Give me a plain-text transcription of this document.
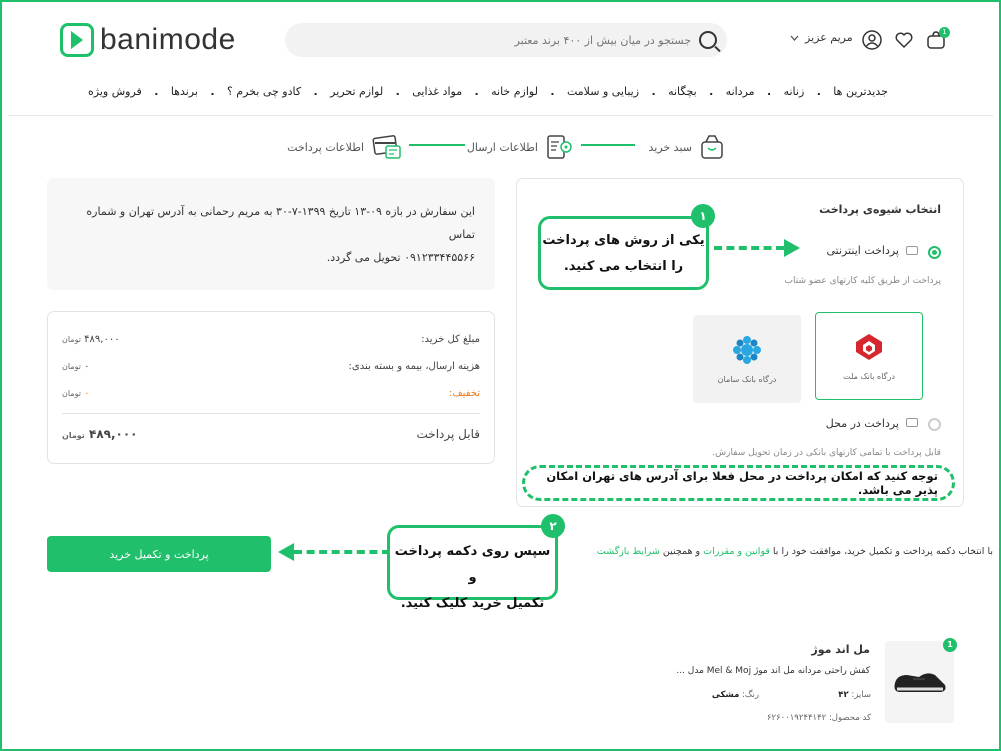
banimode
جستجو در میان بیش از ۴۰۰ برند معتبر	مریم عزیز	1
جدیدترین ها
.
زنانه
.
مردانه
.
بچگانه
.
زیبایی و سلامت
.
لوازم خانه
.
مواد غذایی
.
لوازم تحریر
.
کادو چی بخرم ؟
.
برندها
.
فروش ویژه
سبد خرید
اطلاعات ارسال
اطلاعات پرداخت
این سفارش در بازه ۰۹-۱۳ تاریخ ۱۳۹۹-۷-۳۰ به مریم رحمانی به آدرس تهران و شماره تماس
۰۹۱۲۳۳۴۴۵۵۶۶ تحویل می گردد.
مبلغ کل خرید:
۴۸۹,۰۰۰ تومان
هزینه ارسال، بیمه و بسته بندی:
۰ تومان
تخفیف:
۰ تومان
قابل پرداخت
۴۸۹,۰۰۰ تومان
انتخاب شیوه‌ی پرداخت
پرداخت اینترنتی
پرداخت از طریق کلیه کارتهای عضو شتاب
درگاه بانک ملت
درگاه بانک سامان
پرداخت در محل
قابل پرداخت با تمامی کارتهای بانکی در زمان تحویل سفارش.
یکی از روش های پرداخت
را انتخاب می کنید.
۱
توجه کنید که امکان پرداخت در محل فعلا برای آدرس های تهران امکان پذیر می باشد.
با انتخاب دکمه پرداخت و تکمیل خرید، موافقت خود را با قوانین و مقررات و همچنین شرایط بازگشت
پرداخت و تکمیل خرید	سپس روی دکمه پرداخت و
تکمیل خرید کلیک کنید.
۲
مل اند موژ
کفش راحتی مردانه مل اند موژ Mel & Moj مدل ...
سایز: ۴۲
رنگ: مشکی
کد محصول: ۶۲۶۰۰۱۹۲۴۴۱۴۲
1
